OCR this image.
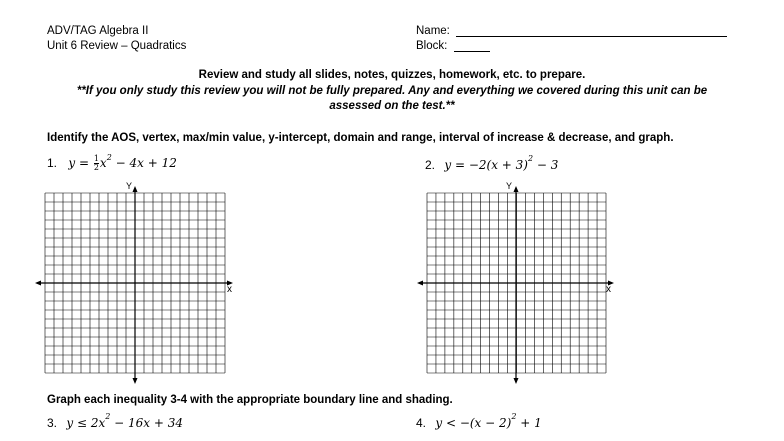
ADV/TAG Algebra II
Unit 6 Review – Quadratics
Name:
Block:
Review and study all slides, notes, quizzes, homework, etc. to prepare.
**If you only study this review you will not be fully prepared. Any and everything we covered during this unit can be
assessed on the test.**
Identify the AOS, vertex, max/min value, y-intercept, domain and range, interval of increase & decrease, and graph.
1. $y = \frac{1}{2} x^2 - 4x + 12$	2. $y = -2(x + 3)^2 - 3$
Y
x
Y
x
Graph each inequality 3-4 with the appropriate boundary line and shading.
3. $y \le 2x^2 - 16x + 34$	4. $y < -(x - 2)^2 + 1$
